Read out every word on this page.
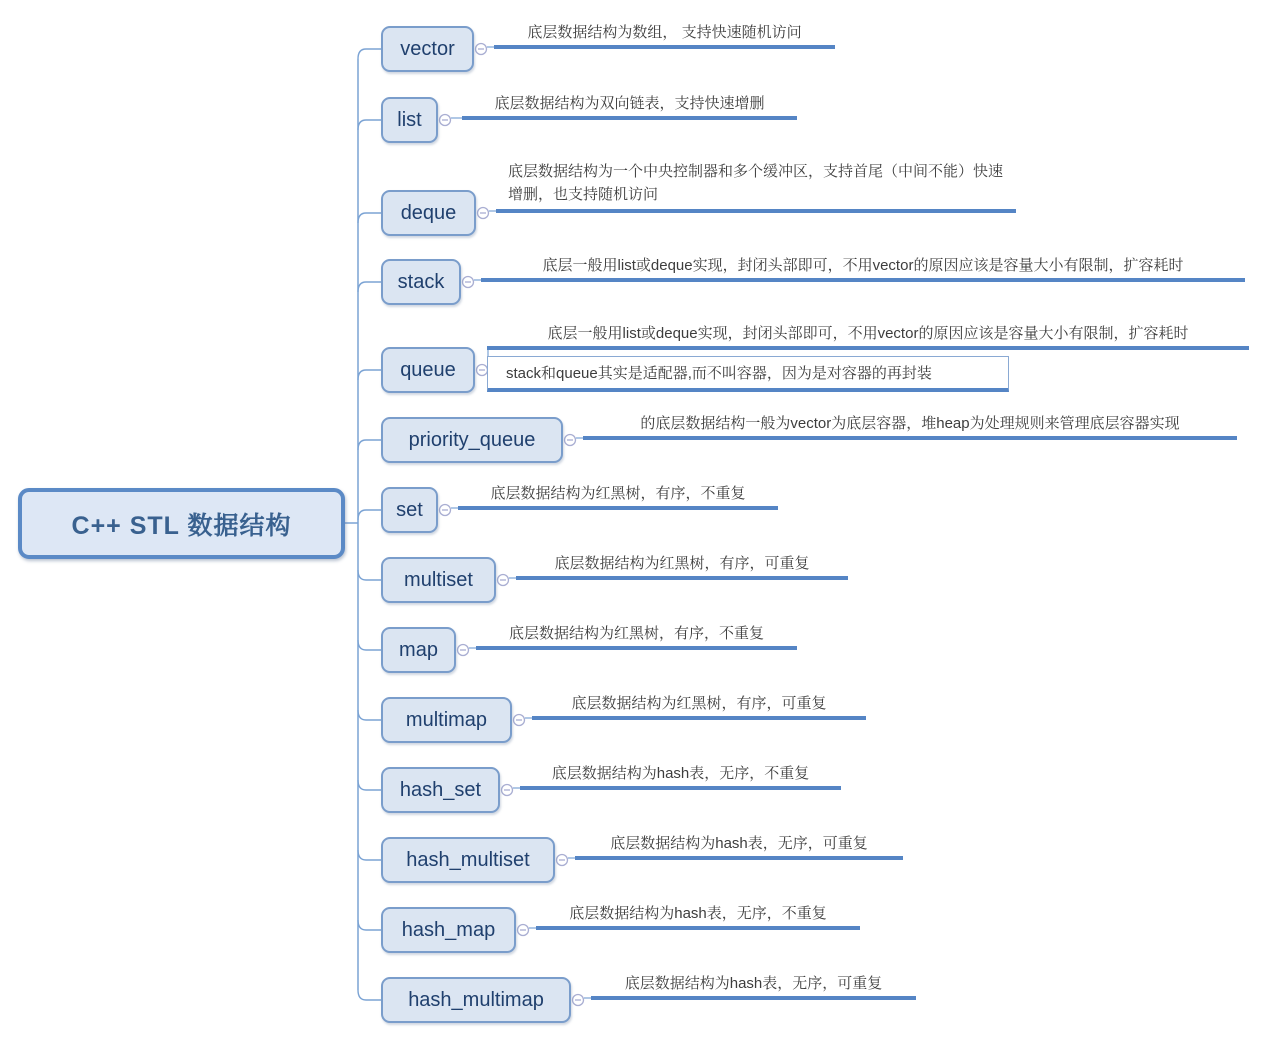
C++ STL 数据结构
vector
list
deque
stack
queue
priority_queue
set
multiset
map
multimap
hash_set
hash_multiset
hash_map
hash_multimap
底层数据结构为数组， 支持快速随机访问
底层数据结构为双向链表，支持快速增删
底层数据结构为一个中央控制器和多个缓冲区，支持首尾（中间不能）快速增删，也支持随机访问
底层一般用list或deque实现，封闭头部即可，不用vector的原因应该是容量大小有限制，扩容耗时
底层一般用list或deque实现，封闭头部即可，不用vector的原因应该是容量大小有限制，扩容耗时
stack和queue其实是适配器,而不叫容器，因为是对容器的再封装
的底层数据结构一般为vector为底层容器，堆heap为处理规则来管理底层容器实现
底层数据结构为红黑树，有序，不重复
底层数据结构为红黑树，有序，可重复
底层数据结构为红黑树，有序，不重复
底层数据结构为红黑树，有序，可重复
底层数据结构为hash表，无序，不重复
底层数据结构为hash表，无序，可重复
底层数据结构为hash表，无序，不重复
底层数据结构为hash表，无序，可重复
